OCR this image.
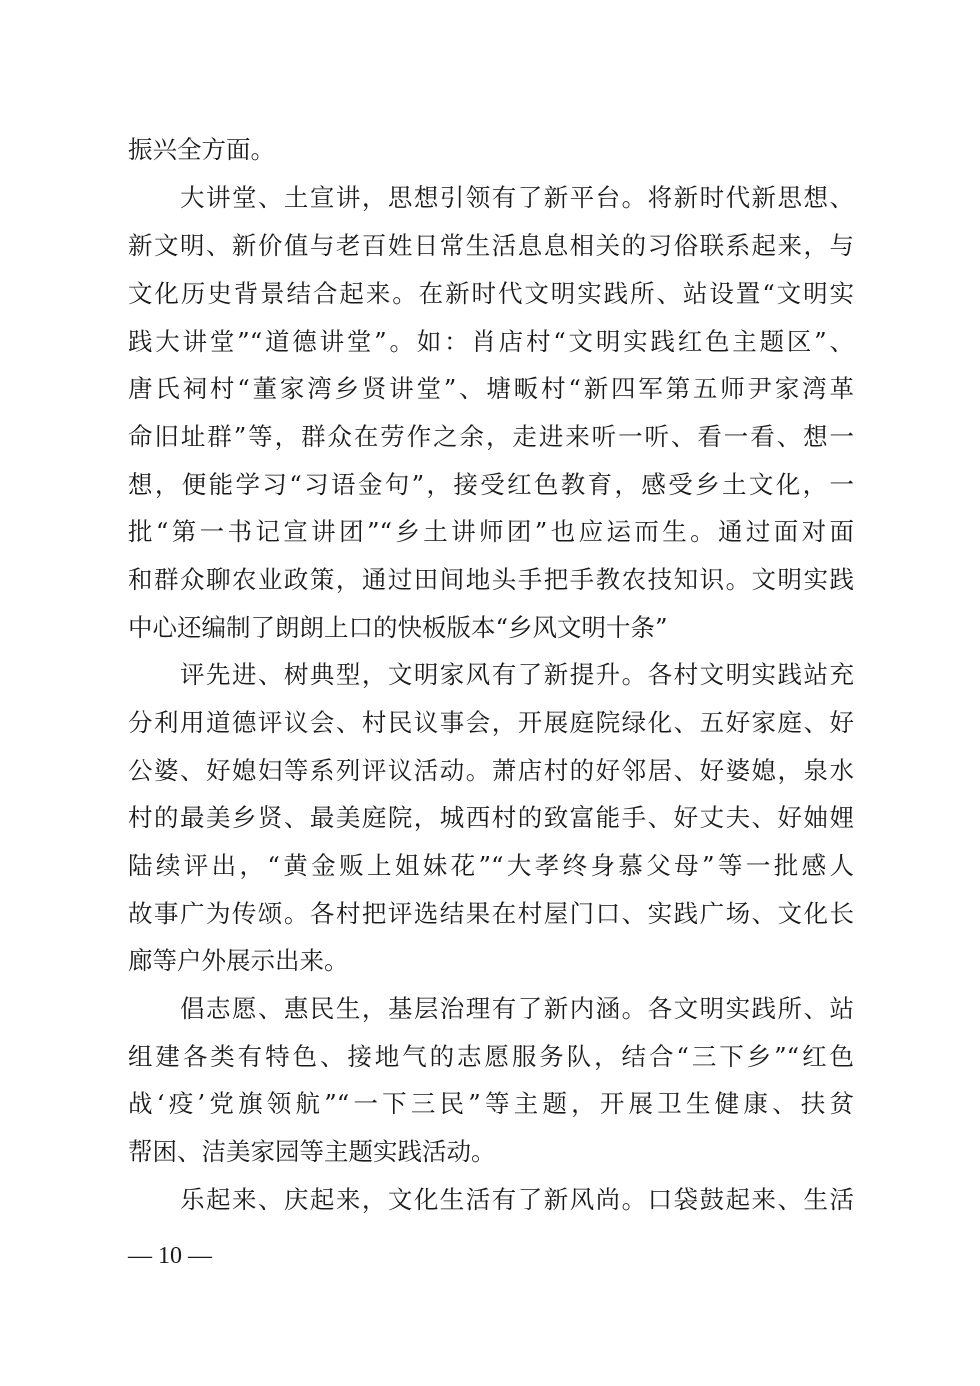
振兴全方面。
大讲堂、土宣讲，思想引领有了新平台。将新时代新思想、
新文明、新价值与老百姓日常生活息息相关的习俗联系起来，与
文化历史背景结合起来。在新时代文明实践所、站设置“文明实
践大讲堂”“道德讲堂”。如：肖店村“文明实践红色主题区”、
唐氏祠村“董家湾乡贤讲堂”、塘畈村“新四军第五师尹家湾革
命旧址群”等，群众在劳作之余，走进来听一听、看一看、想一
想，便能学习“习语金句”，接受红色教育，感受乡土文化，一
批“第一书记宣讲团”“乡土讲师团”也应运而生。通过面对面
和群众聊农业政策，通过田间地头手把手教农技知识。文明实践
中心还编制了朗朗上口的快板版本“乡风文明十条”
评先进、树典型，文明家风有了新提升。各村文明实践站充
分利用道德评议会、村民议事会，开展庭院绿化、五好家庭、好
公婆、好媳妇等系列评议活动。萧店村的好邻居、好婆媳，泉水
村的最美乡贤、最美庭院，城西村的致富能手、好丈夫、好妯娌
陆续评出，“黄金贩上姐妹花”“大孝终身慕父母”等一批感人
故事广为传颂。各村把评选结果在村屋门口、实践广场、文化长
廊等户外展示出来。
倡志愿、惠民生，基层治理有了新内涵。各文明实践所、站
组建各类有特色、接地气的志愿服务队，结合“三下乡”“红色
战‘疫’党旗领航”“一下三民”等主题，开展卫生健康、扶贫
帮困、洁美家园等主题实践活动。
乐起来、庆起来，文化生活有了新风尚。口袋鼓起来、生活
— 10 —
